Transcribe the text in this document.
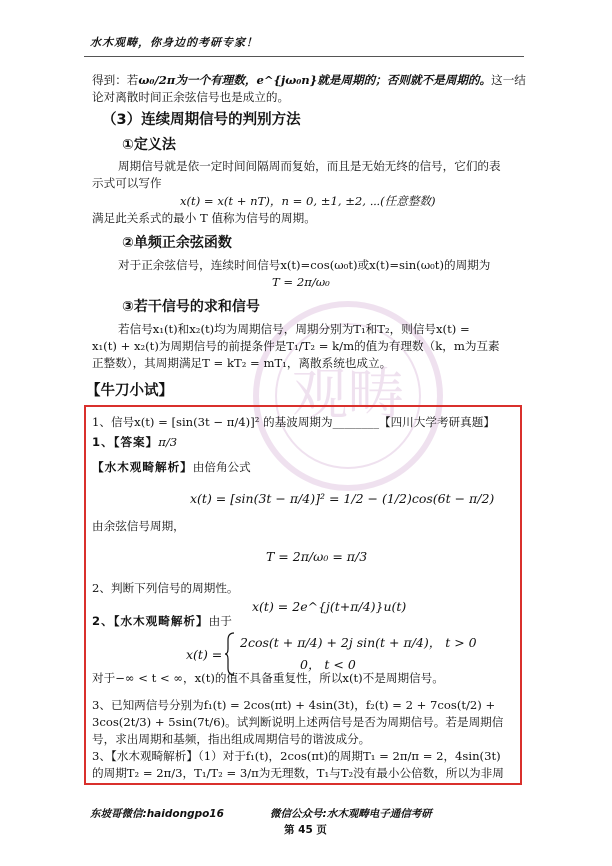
水木观畴，你身边的考研专家！
观畴
得到：若ω₀/2π为一个有理数，e^{jω₀n}就是周期的；否则就不是周期的。这一结
论对离散时间正余弦信号也是成立的。
（3）连续周期信号的判别方法
①定义法
周期信号就是依一定时间间隔周而复始，而且是无始无终的信号，它们的表
示式可以写作
x(t) = x(t + nT)，n = 0, ±1, ±2, ⋯(任意整数)
满足此关系式的最小 T 值称为信号的周期。
②单频正余弦函数
对于正余弦信号，连续时间信号x(t)=cos(ω₀t)或x(t)=sin(ω₀t)的周期为
T = 2π/ω₀
③若干信号的求和信号
若信号x₁(t)和x₂(t)均为周期信号，周期分别为T₁和T₂，则信号x(t) =
x₁(t) + x₂(t)为周期信号的前提条件是T₁/T₂ = k/m的值为有理数（k，m为互素
正整数），其周期满足T = kT₂ = mT₁，离散系统也成立。
【牛刀小试】
1、信号x(t) = [sin(3t − π/4)]² 的基波周期为________【四川大学考研真题】
1、【答案】π/3
【水木观畸解析】由倍角公式
x(t) = [sin(3t − π/4)]² = 1/2 − (1/2)cos(6t − π/2)
由余弦信号周期，
T = 2π/ω₀ = π/3
2、判断下列信号的周期性。
x(t) = 2e^{j(t+π/4)}u(t)
2、【水木观畸解析】由于
x(t) =
2cos(t + π/4) + 2j sin(t + π/4)， t > 0
0， t < 0
对于−∞ < t < ∞，x(t)的值不具备重复性，所以x(t)不是周期信号。
3、已知两信号分别为f₁(t) = 2cos(πt) + 4sin(3t)，f₂(t) = 2 + 7cos(t/2) +
3cos(2t/3) + 5sin(7t/6)。试判断说明上述两信号是否为周期信号。若是周期信
号，求出周期和基频，指出组成周期信号的谐波成分。
3、【水木观畸解析】（1）对于f₁(t)，2cos(πt)的周期T₁ = 2π/π = 2，4sin(3t)
的周期T₂ = 2π/3，T₁/T₂ = 3/π为无理数，T₁与T₂没有最小公倍数，所以为非周
东坡哥微信:haidongpo16	微信公众号:水木观畴电子通信考研
第 45 页
